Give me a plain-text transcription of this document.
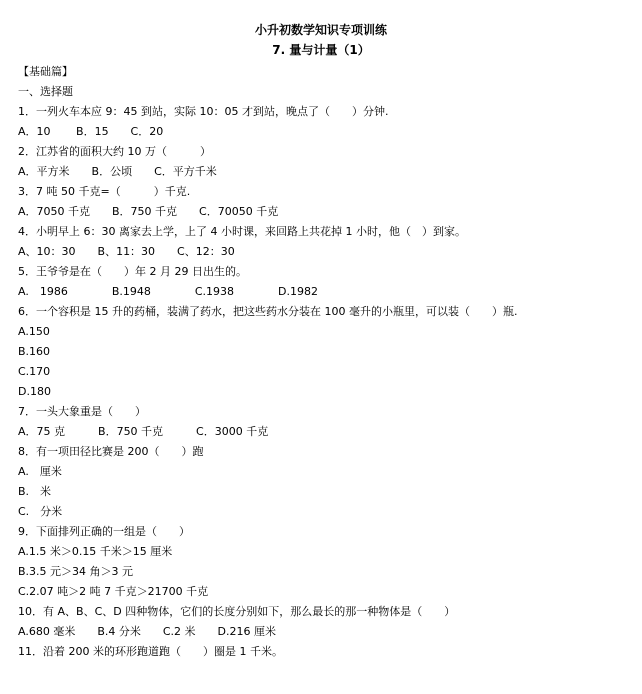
小升初数学知识专项训练
7. 量与计量（1）
【基础篇】
一、选择题
1．一列火车本应 9：45 到站，实际 10：05 才到站，晚点了（　　）分钟.
A．10　　 B．15　　C．20
2．江苏省的面积大约 10 万（　　　）
A．平方米　　B．公顷　　C．平方千米
3．7 吨 50 千克=（　　　）千克.
A．7050 千克　　B．750 千克　　C．70050 千克
4．小明早上 6：30 离家去上学，上了 4 小时课，来回路上共花掉 1 小时，他（　）到家。
A、10：30　　B、11：30　　C、12：30
5．王爷爷是在（　　）年 2 月 29 日出生的。
A.　1986　　　　B.1948　　　　C.1938　　　　D.1982
6．一个容积是 15 升的药桶，装满了药水，把这些药水分装在 100 毫升的小瓶里，可以装（　　）瓶.
A.150
B.160
C.170
D.180
7．一头大象重是（　　）
A．75 克　　　B．750 千克　　　C．3000 千克
8．有一项田径比赛是 200（　　）跑
A.　厘米
B.　米
C.　分米
9．下面排列正确的一组是（　　）
A.1.5 米＞0.15 千米＞15 厘米
B.3.5 元＞34 角＞3 元
C.2.07 吨＞2 吨 7 千克＞21700 千克
10．有 A、B、C、D 四种物体，它们的长度分别如下，那么最长的那一种物体是（　　）
A.680 毫米　　B.4 分米　　C.2 米　　D.216 厘米
11．沿着 200 米的环形跑道跑（　　）圈是 1 千米。
